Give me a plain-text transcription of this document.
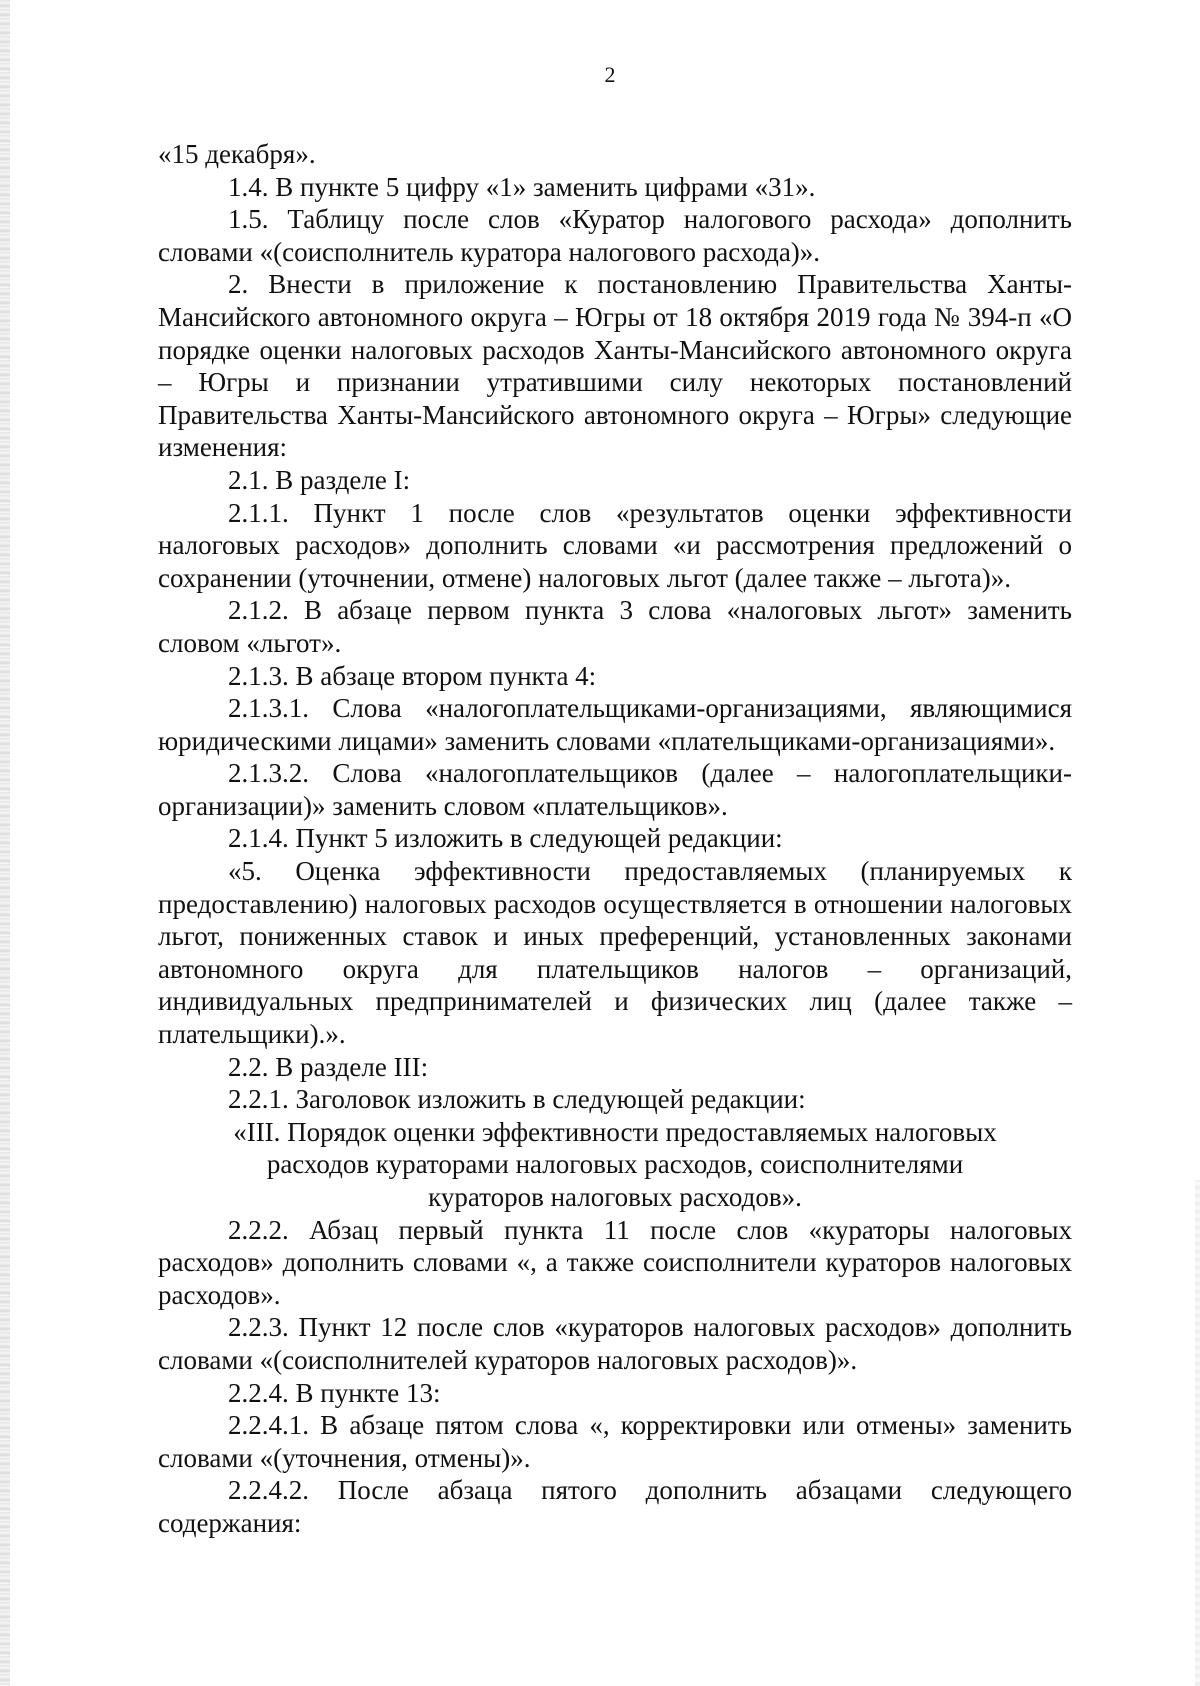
2

«15 декабря».

1.4. В пункте 5 цифру «1» заменить цифрами «31».

1.5. Таблицу после слов «Куратор налогового расхода» дополнить словами «(соисполнитель куратора налогового расхода)».

2. Внести в приложение к постановлению Правительства Ханты-Мансийского автономного округа – Югры от 18 октября 2019 года № 394-п «О порядке оценки налоговых расходов Ханты-Мансийского автономного округа – Югры и признании утратившими силу некоторых постановлений Правительства Ханты-Мансийского автономного округа – Югры» следующие изменения:

2.1. В разделе I:

2.1.1. Пункт 1 после слов «результатов оценки эффективности налоговых расходов» дополнить словами «и рассмотрения предложений о сохранении (уточнении, отмене) налоговых льгот (далее также – льгота)».

2.1.2. В абзаце первом пункта 3 слова «налоговых льгот» заменить словом «льгот».

2.1.3. В абзаце втором пункта 4:

2.1.3.1. Слова «налогоплательщиками-организациями, являющимися юридическими лицами» заменить словами «плательщиками-организациями».

2.1.3.2. Слова «налогоплательщиков (далее – налогоплательщики-организации)» заменить словом «плательщиков».

2.1.4. Пункт 5 изложить в следующей редакции:

«5. Оценка эффективности предоставляемых (планируемых к предоставлению) налоговых расходов осуществляется в отношении налоговых льгот, пониженных ставок и иных преференций, установленных законами автономного округа для плательщиков налогов – организаций, индивидуальных предпринимателей и физических лиц (далее также – плательщики).».

2.2. В разделе III:

2.2.1. Заголовок изложить в следующей редакции:

«III. Порядок оценки эффективности предоставляемых налоговых

расходов кураторами налоговых расходов, соисполнителями

кураторов налоговых расходов».

2.2.2. Абзац первый пункта 11 после слов «кураторы налоговых расходов» дополнить словами «, а также соисполнители кураторов налоговых расходов».

2.2.3. Пункт 12 после слов «кураторов налоговых расходов» дополнить словами «(соисполнителей кураторов налоговых расходов)».

2.2.4. В пункте 13:

2.2.4.1. В абзаце пятом слова «, корректировки или отмены» заменить словами «(уточнения, отмены)».

2.2.4.2. После абзаца пятого дополнить абзацами следующего содержания:
